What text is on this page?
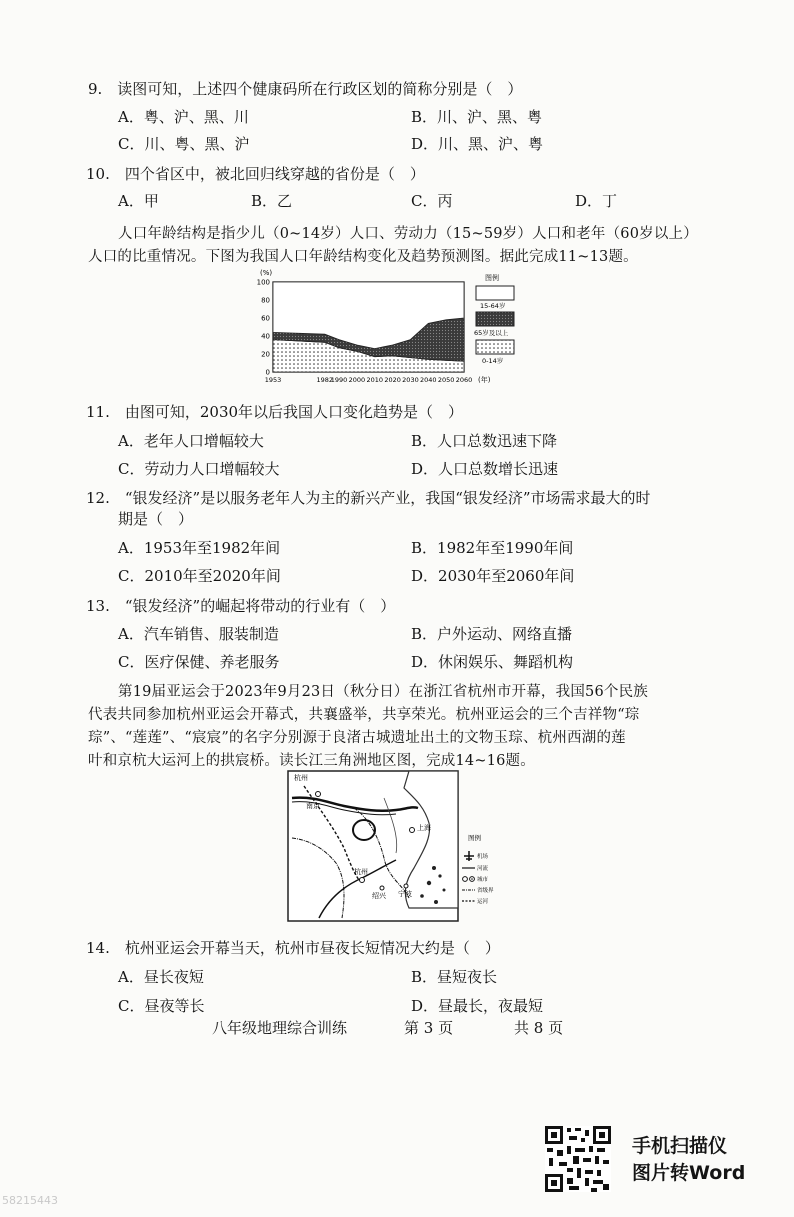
9.　读图可知，上述四个健康码所在行政区划的简称分别是（　）
A．粤、沪、黑、川	B．川、沪、黑、粤
C．川、粤、黑、沪	D．川、黑、沪、粤
10.　四个省区中，被北回归线穿越的省份是（　）
A．甲	B．乙	C．丙	D．丁
人口年龄结构是指少儿（0~14岁）人口、劳动力（15~59岁）人口和老年（60岁以上）
人口的比重情况。下图为我国人口年龄结构变化及趋势预测图。据此完成11~13题。
(%)
0
20
40
60
80
100
1953	1982
1990 2000 2010 2020 2030 2040 2050 2060 (年)
图例
15-64岁
65岁及以上
0-14岁
11.　由图可知，2030年以后我国人口变化趋势是（　）
A．老年人口增幅较大	B．人口总数迅速下降
C．劳动力人口增幅较大	D．人口总数增长迅速
12.　“银发经济”是以服务老年人为主的新兴产业，我国“银发经济”市场需求最大的时
期是（　）
A．1953年至1982年间	B．1982年至1990年间
C．2010年至2020年间	D．2030年至2060年间
13.　“银发经济”的崛起将带动的行业有（　）
A．汽车销售、服装制造	B．户外运动、网络直播
C．医疗保健、养老服务	D．休闲娱乐、舞蹈机构
第19届亚运会于2023年9月23日（秋分日）在浙江省杭州市开幕，我国56个民族
代表共同参加杭州亚运会开幕式，共襄盛举，共享荣光。杭州亚运会的三个吉祥物“琮
琮”、“莲莲”、“宸宸”的名字分别源于良渚古城遗址出土的文物玉琮、杭州西湖的莲
叶和京杭大运河上的拱宸桥。读长江三角洲地区图，完成14~16题。
杭州
南京
上海
杭州
绍兴 宁波
图例
机场
河流
城市
省级界
运河
14.　杭州亚运会开幕当天，杭州市昼夜长短情况大约是（　）
A．昼长夜短	B．昼短夜长
C．昼夜等长	D．昼最长，夜最短
八年级地理综合训练	第 3 页	共 8 页
手机扫描仪
图片转Word
58215443
